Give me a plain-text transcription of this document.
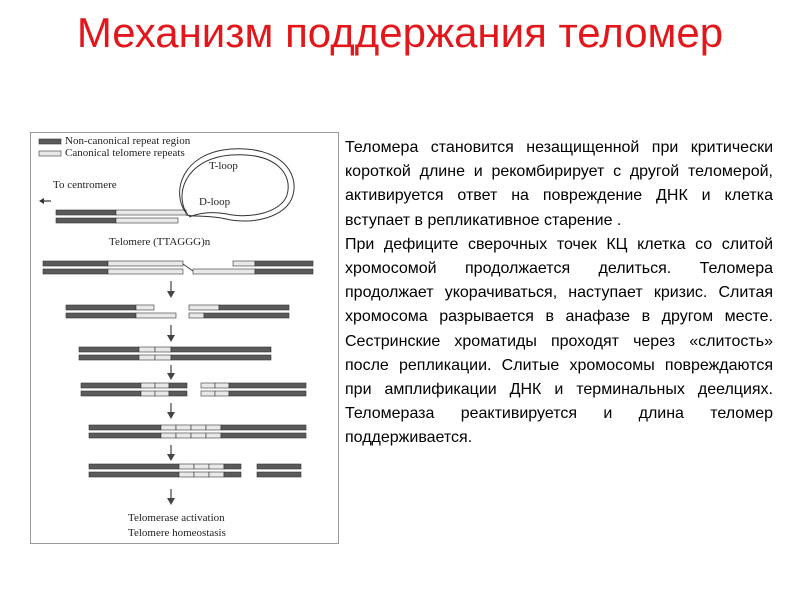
Механизм поддержания теломер
Non-canonical repeat region
Canonical telomere repeats
To centromere
T-loop
D-loop
Telomere (TTAGGG)n
Telomerase activation
Telomere homeostasis

Теломера становится незащищенной при критически короткой длине и рекомбирирует с другой теломерой, активируется ответ на повреждение ДНК и клетка вступает в репликативное старение .

При дефиците сверочных точек КЦ клетка со слитой хромосомой продолжается делиться. Теломера продолжает укорачиваться, наступает кризис. Слитая хромосома разрывается в анафазе в другом месте. Сестринские хроматиды проходят через «слитость» после репликации. Слитые хромосомы повреждаются при амплификации ДНК и терминальных деелциях. Теломераза реактивируется и длина теломер поддерживается.
